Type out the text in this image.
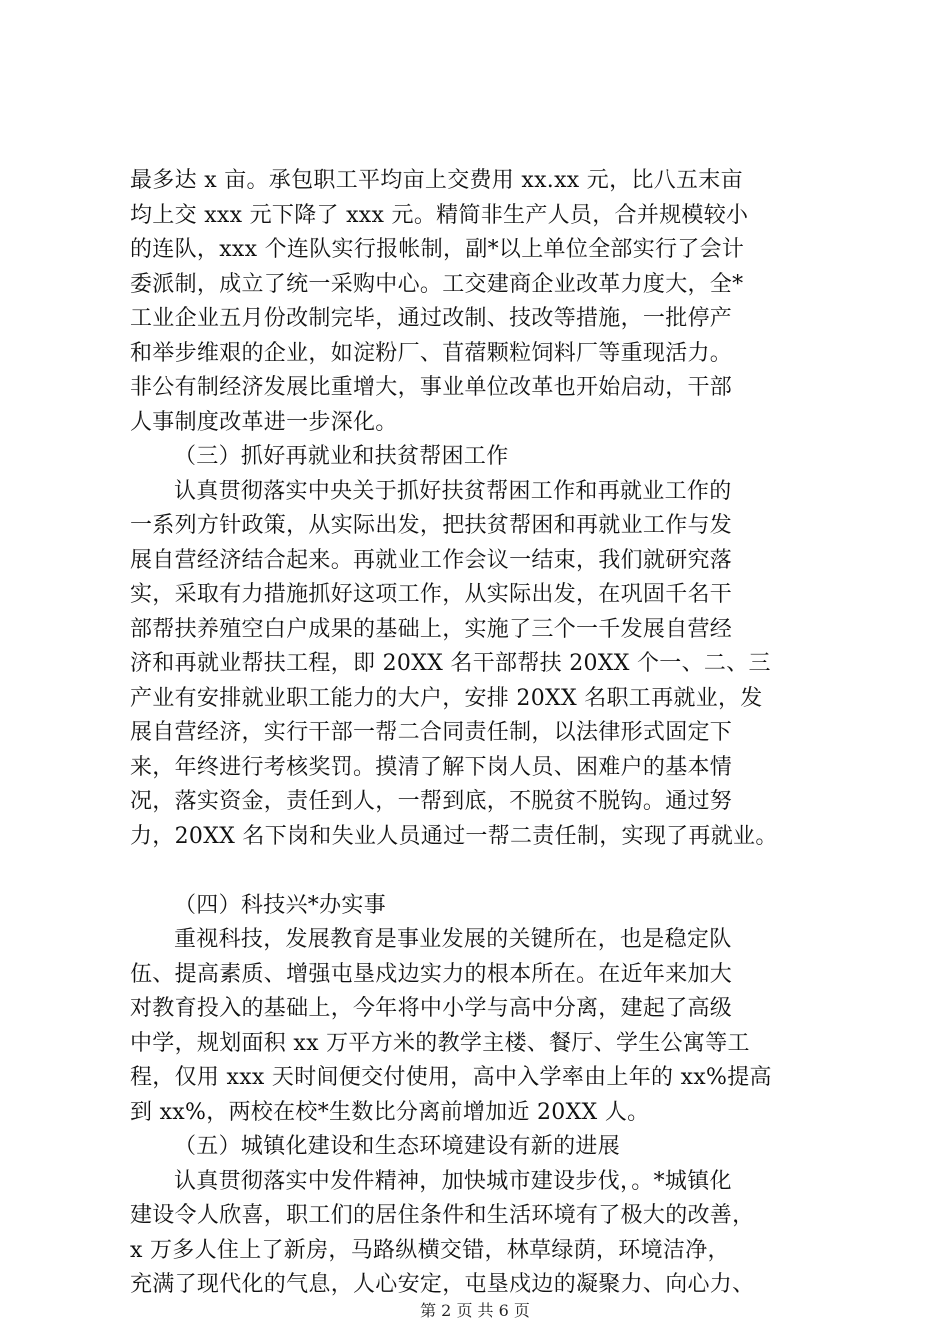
最多达 x 亩。承包职工平均亩上交费用 xx.xx 元，比八五末亩
均上交 xxx 元下降了 xxx 元。精简非生产人员，合并规模较小
的连队，xxx 个连队实行报帐制，副*以上单位全部实行了会计
委派制，成立了统一采购中心。工交建商企业改革力度大，全*
工业企业五月份改制完毕，通过改制、技改等措施，一批停产
和举步维艰的企业，如淀粉厂、苜蓿颗粒饲料厂等重现活力。
非公有制经济发展比重增大，事业单位改革也开始启动，干部
人事制度改革进一步深化。
（三）抓好再就业和扶贫帮困工作
认真贯彻落实中央关于抓好扶贫帮困工作和再就业工作的
一系列方针政策，从实际出发，把扶贫帮困和再就业工作与发
展自营经济结合起来。再就业工作会议一结束，我们就研究落
实，采取有力措施抓好这项工作，从实际出发，在巩固千名干
部帮扶养殖空白户成果的基础上，实施了三个一千发展自营经
济和再就业帮扶工程，即 20XX 名干部帮扶 20XX 个一、二、三
产业有安排就业职工能力的大户，安排 20XX 名职工再就业，发
展自营经济，实行干部一帮二合同责任制，以法律形式固定下
来，年终进行考核奖罚。摸清了解下岗人员、困难户的基本情
况，落实资金，责任到人，一帮到底，不脱贫不脱钩。通过努
力，20XX 名下岗和失业人员通过一帮二责任制，实现了再就业。
（四）科技兴*办实事
重视科技，发展教育是事业发展的关键所在，也是稳定队
伍、提高素质、增强屯垦戍边实力的根本所在。在近年来加大
对教育投入的基础上，今年将中小学与高中分离，建起了高级
中学，规划面积 xx 万平方米的教学主楼、餐厅、学生公寓等工
程，仅用 xxx 天时间便交付使用，高中入学率由上年的 xx%提高
到 xx%，两校在校*生数比分离前增加近 20XX 人。
（五）城镇化建设和生态环境建设有新的进展
认真贯彻落实中发件精神，加快城市建设步伐，。*城镇化
建设令人欣喜，职工们的居住条件和生活环境有了极大的改善，
x 万多人住上了新房，马路纵横交错，林草绿荫，环境洁净，
充满了现代化的气息，人心安定，屯垦戍边的凝聚力、向心力、
第 2 页 共 6 页
